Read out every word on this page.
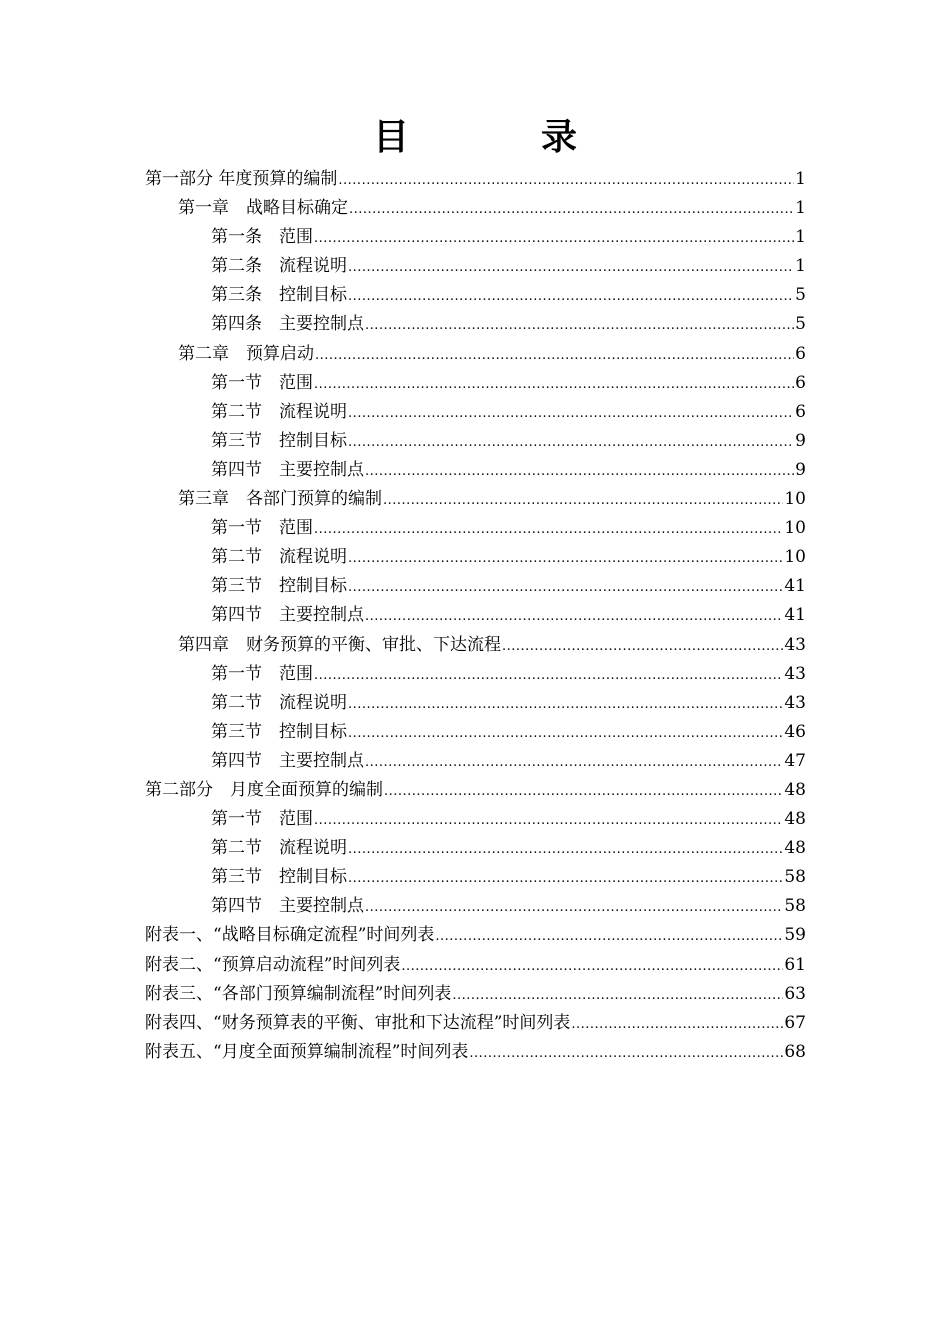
目　录
第一部分 年度预算的编制 .....	1
第一章　战略目标确定 .....	1
第一条　范围 .....	1
第二条　流程说明 .....	1
第三条　控制目标 .....	5
第四条　主要控制点 .....	5
第二章　预算启动 .....	6
第一节　范围 .....	6
第二节　流程说明 .....	6
第三节　控制目标 .....	9
第四节　主要控制点 .....	9
第三章　各部门预算的编制 .....	10
第一节　范围 .....	10
第二节　流程说明 .....	10
第三节　控制目标 .....	41
第四节　主要控制点 .....	41
第四章　财务预算的平衡、审批、下达流程 .....	43
第一节　范围 .....	43
第二节　流程说明 .....	43
第三节　控制目标 .....	46
第四节　主要控制点 .....	47
第二部分　月度全面预算的编制 .....	48
第一节　范围 .....	48
第二节　流程说明 .....	48
第三节　控制目标 .....	58
第四节　主要控制点 .....	58
附表一、“战略目标确定流程”时间列表 .....	59
附表二、“预算启动流程”时间列表 .....	61
附表三、“各部门预算编制流程”时间列表 .....	63
附表四、“财务预算表的平衡、审批和下达流程”时间列表 .....	67
附表五、“月度全面预算编制流程”时间列表 .....	68
